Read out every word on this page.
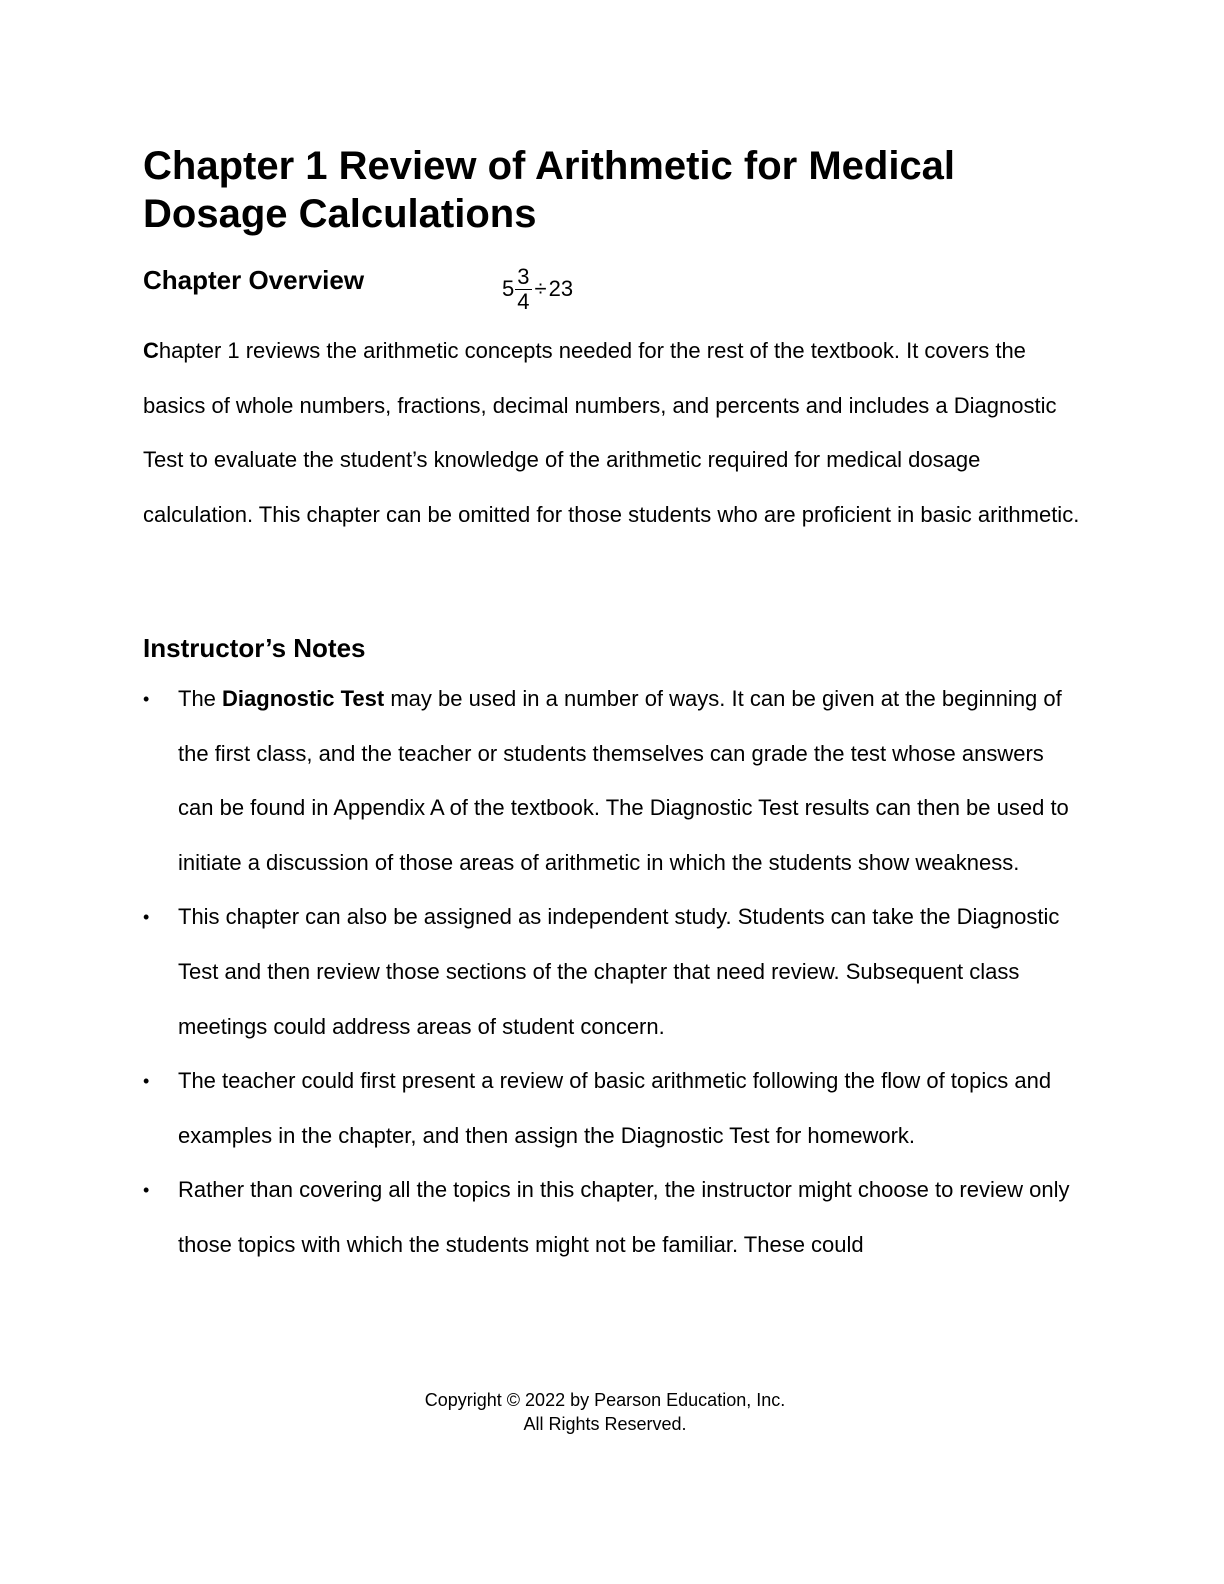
Chapter 1 Review of Arithmetic for Medical
Dosage Calculations
Chapter Overview	$5 \frac{3}{4} \div 23$

Chapter 1 reviews the arithmetic concepts needed for the rest of the textbook. It covers the basics of whole numbers, fractions, decimal numbers, and percents and includes a Diagnostic Test to evaluate the student’s knowledge of the arithmetic required for medical dosage calculation. This chapter can be omitted for those students who are proficient in basic arithmetic.

Instructor’s Notes
•	The Diagnostic Test may be used in a number of ways. It can be given at the beginning of the first class, and the teacher or students themselves can grade the test whose answers can be found in Appendix A of the textbook. The Diagnostic Test results can then be used to initiate a discussion of those areas of arithmetic in which the students show weakness.
•	This chapter can also be assigned as independent study. Students can take the Diagnostic Test and then review those sections of the chapter that need review. Subsequent class meetings could address areas of student concern.
•	The teacher could first present a review of basic arithmetic following the flow of topics and examples in the chapter, and then assign the Diagnostic Test for homework.
•	Rather than covering all the topics in this chapter, the instructor might choose to review only those topics with which the students might not be familiar. These could
Copyright © 2022 by Pearson Education, Inc.
All Rights Reserved.
